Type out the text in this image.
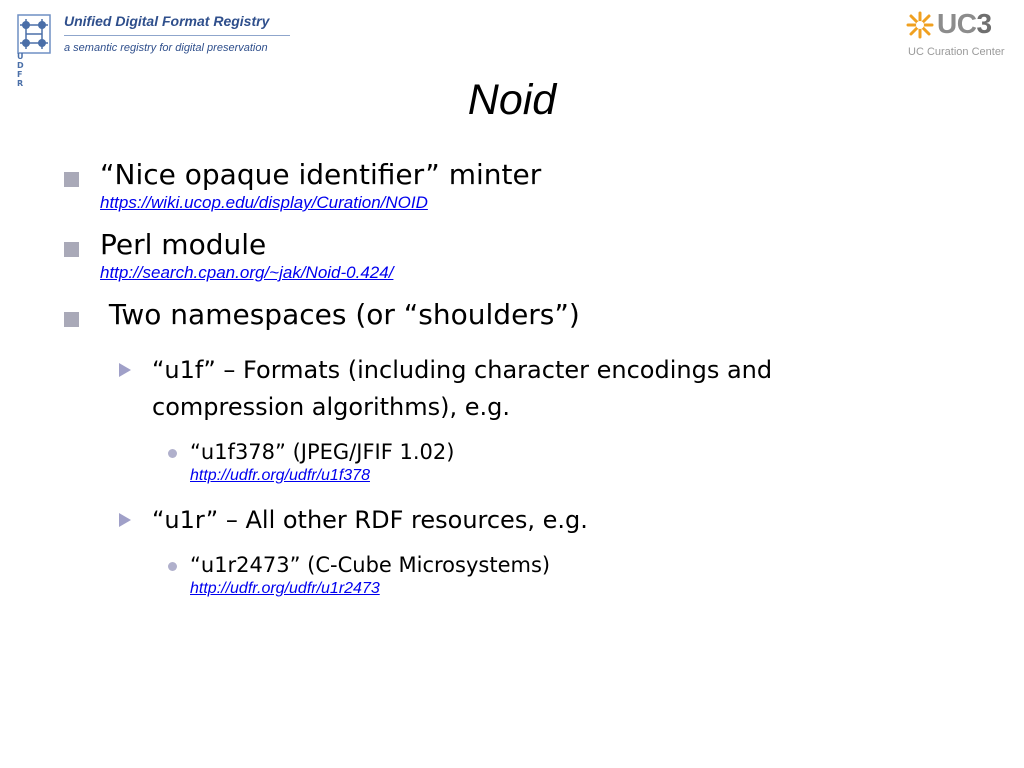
U D F R
Unified Digital Format Registry
a semantic registry for digital preservation
UC3
UC Curation Center
Noid
“Nice opaque identifier” minter
https://wiki.ucop.edu/display/Curation/NOID
Perl module
http://search.cpan.org/~jak/Noid-0.424/
Two namespaces (or “shoulders”)
“u1f” – Formats (including character encodings and compression algorithms), e.g.
“u1f378” (JPEG/JFIF 1.02)
http://udfr.org/udfr/u1f378
“u1r” – All other RDF resources, e.g.
“u1r2473” (C-Cube Microsystems)
http://udfr.org/udfr/u1r2473
